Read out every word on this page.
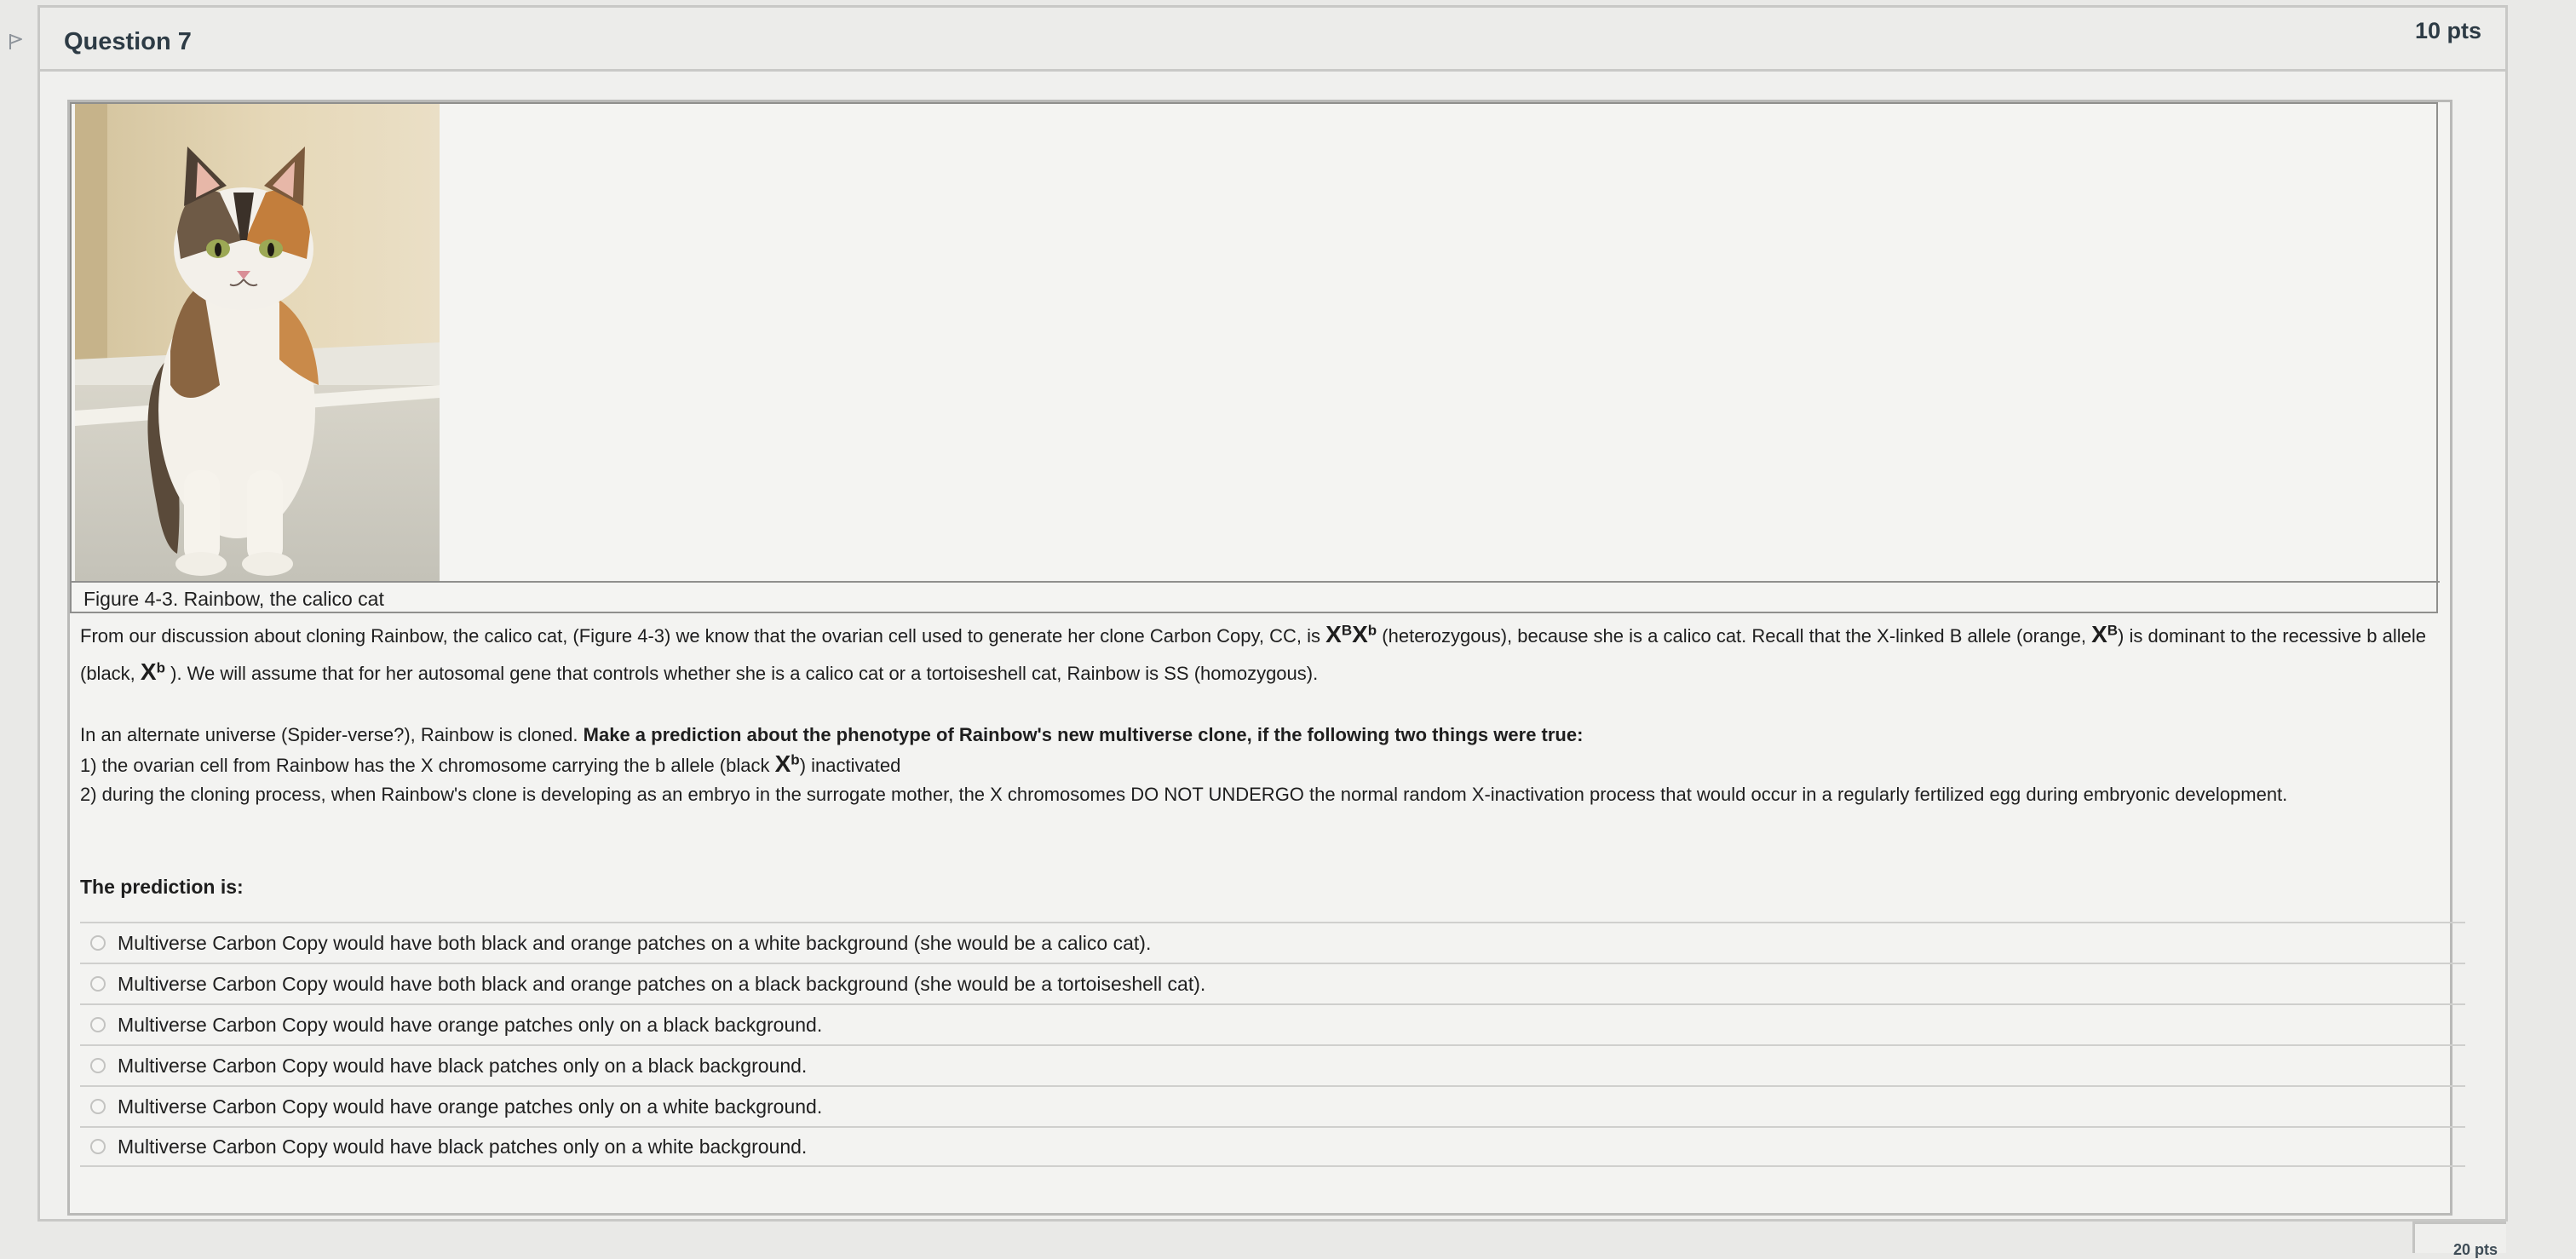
Question 7	10 pts
Figure 4-3. Rainbow, the calico cat
From our discussion about cloning Rainbow, the calico cat, (Figure 4-3) we know that the ovarian cell used to generate her clone Carbon Copy, CC, is $X^BX^b$ (heterozygous), because she is a calico cat. Recall that the X-linked B allele (orange, $X^B$) is dominant to the recessive b allele (black, $X^b$ ). We will assume that for her autosomal gene that controls whether she is a calico cat or a tortoiseshell cat, Rainbow is SS (homozygous).
In an alternate universe (Spider-verse?), Rainbow is cloned. Make a prediction about the phenotype of Rainbow's new multiverse clone, if the following two things were true:
1) the ovarian cell from Rainbow has the X chromosome carrying the b allele (black $X^b$) inactivated
2) during the cloning process, when Rainbow's clone is developing as an embryo in the surrogate mother, the X chromosomes DO NOT UNDERGO the normal random X-inactivation process that would occur in a regularly fertilized egg during embryonic development.
The prediction is:
Multiverse Carbon Copy would have both black and orange patches on a white background (she would be a calico cat).
Multiverse Carbon Copy would have both black and orange patches on a black background (she would be a tortoiseshell cat).
Multiverse Carbon Copy would have orange patches only on a black background.
Multiverse Carbon Copy would have black patches only on a black background.
Multiverse Carbon Copy would have orange patches only on a white background.
Multiverse Carbon Copy would have black patches only on a white background.
20 pts
